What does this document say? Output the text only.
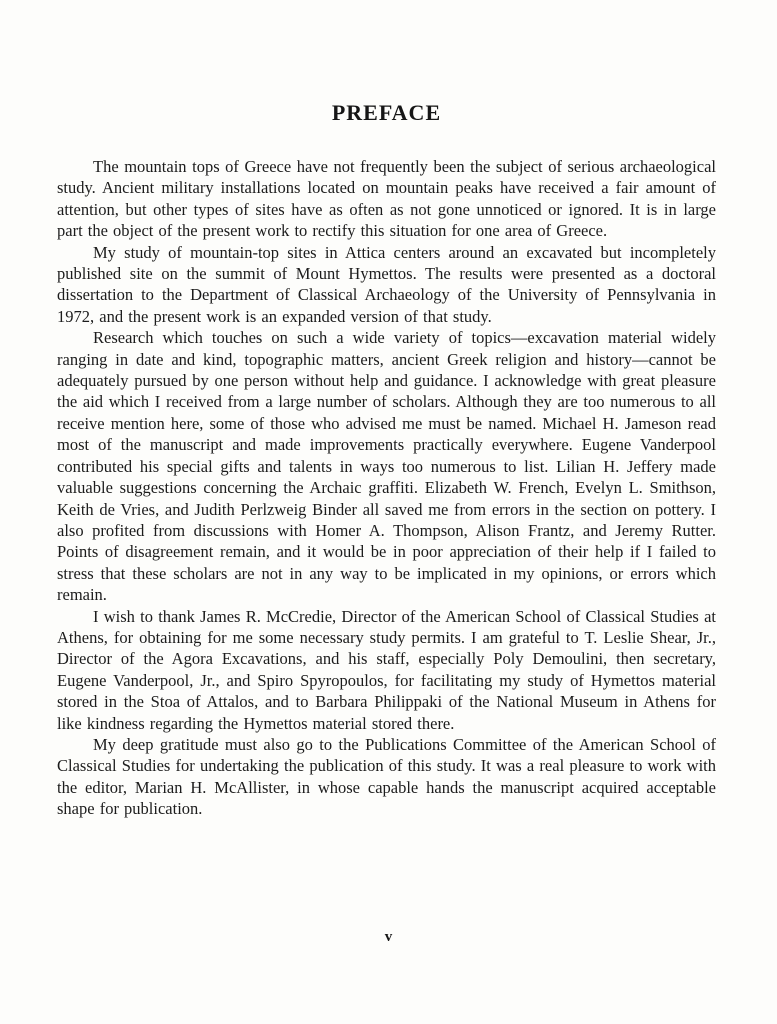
PREFACE

The mountain tops of Greece have not frequently been the subject of serious archaeological study. Ancient military installations located on mountain peaks have received a fair amount of attention, but other types of sites have as often as not gone unnoticed or ignored. It is in large part the object of the present work to rectify this situation for one area of Greece.

My study of mountain-top sites in Attica centers around an excavated but incompletely published site on the summit of Mount Hymettos. The results were presented as a doctoral dissertation to the Department of Classical Archaeology of the University of Pennsylvania in 1972, and the present work is an expanded version of that study.

Research which touches on such a wide variety of topics—excavation material widely ranging in date and kind, topographic matters, ancient Greek religion and history—cannot be adequately pursued by one person without help and guidance. I acknowledge with great pleasure the aid which I received from a large number of scholars. Although they are too numerous to all receive mention here, some of those who advised me must be named. Michael H. Jameson read most of the manuscript and made improvements practically everywhere. Eugene Vanderpool contributed his special gifts and talents in ways too numerous to list. Lilian H. Jeffery made valuable suggestions concerning the Archaic graffiti. Elizabeth W. French, Evelyn L. Smithson, Keith de Vries, and Judith Perlzweig Binder all saved me from errors in the section on pottery. I also profited from discussions with Homer A. Thompson, Alison Frantz, and Jeremy Rutter. Points of disagreement remain, and it would be in poor appreciation of their help if I failed to stress that these scholars are not in any way to be implicated in my opinions, or errors which remain.

I wish to thank James R. McCredie, Director of the American School of Classical Studies at Athens, for obtaining for me some necessary study permits. I am grateful to T. Leslie Shear, Jr., Director of the Agora Excavations, and his staff, especially Poly Demoulini, then secretary, Eugene Vanderpool, Jr., and Spiro Spyropoulos, for facilitating my study of Hymettos material stored in the Stoa of Attalos, and to Barbara Philippaki of the National Museum in Athens for like kindness regarding the Hymettos material stored there.

My deep gratitude must also go to the Publications Committee of the American School of Classical Studies for undertaking the publication of this study. It was a real pleasure to work with the editor, Marian H. McAllister, in whose capable hands the manuscript acquired acceptable shape for publication.

v
